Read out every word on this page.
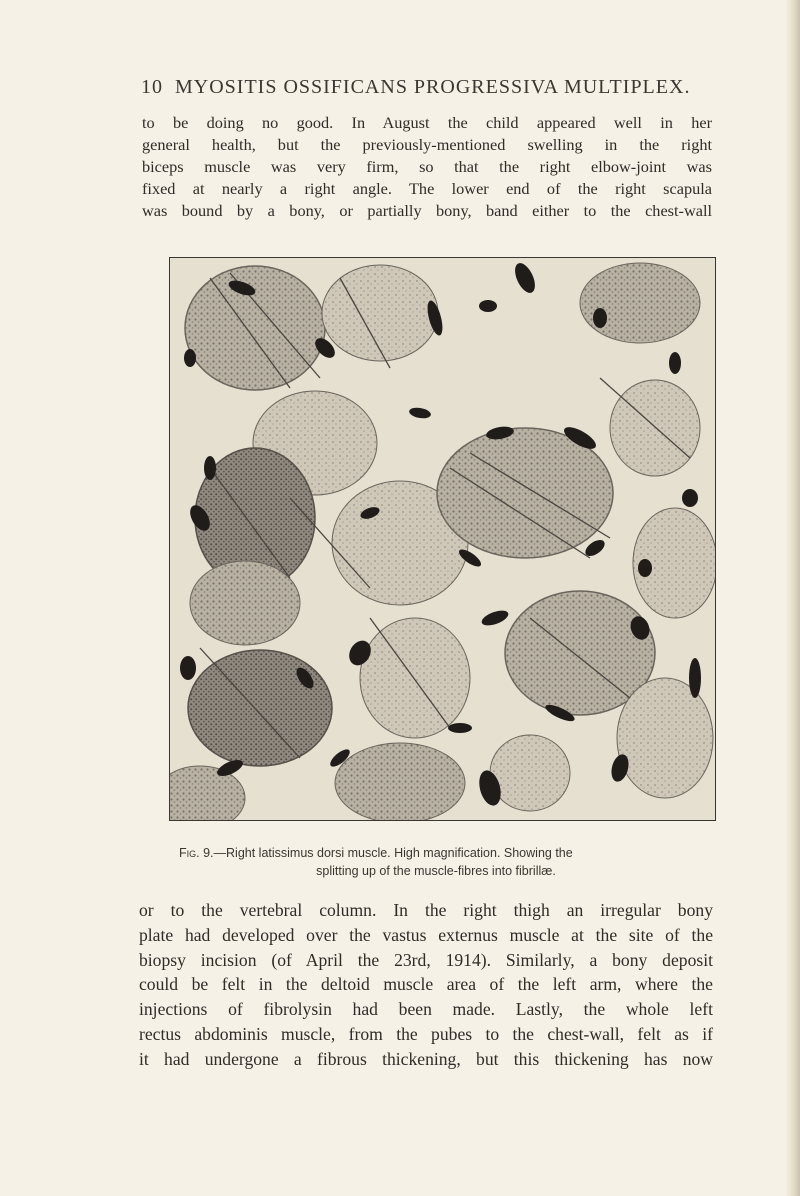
10 MYOSITIS OSSIFICANS PROGRESSIVA MULTIPLEX.
to be doing no good. In August the child appeared well in her
general health, but the previously-mentioned swelling in the right
biceps muscle was very firm, so that the right elbow-joint was
fixed at nearly a right angle. The lower end of the right scapula
was bound by a bony, or partially bony, band either to the chest-wall
Fig. 9.—Right latissimus dorsi muscle. High magnification. Showing the
splitting up of the muscle-fibres into fibrillæ.
or to the vertebral column. In the right thigh an irregular bony
plate had developed over the vastus externus muscle at the site of the
biopsy incision (of April the 23rd, 1914). Similarly, a bony deposit
could be felt in the deltoid muscle area of the left arm, where the
injections of fibrolysin had been made. Lastly, the whole left
rectus abdominis muscle, from the pubes to the chest-wall, felt as if
it had undergone a fibrous thickening, but this thickening has now
